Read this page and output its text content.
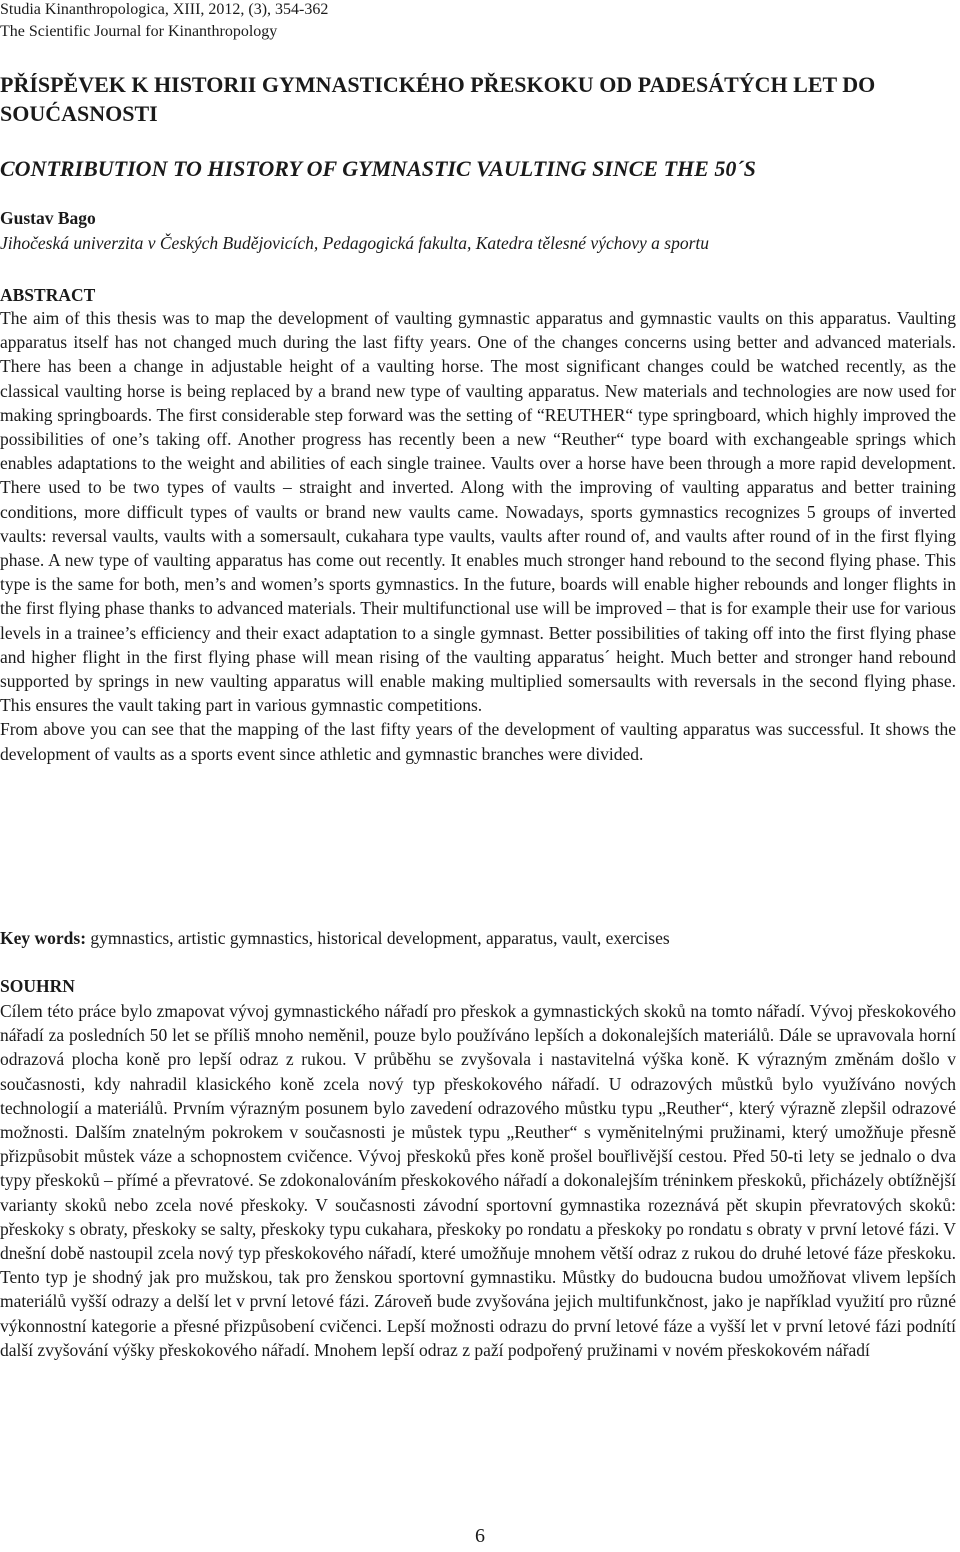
Studia Kinanthropologica, XIII, 2012, (3), 354-362
The Scientific Journal for Kinanthropology
PŘÍSPĚVEK K HISTORII GYMNASTICKÉHO PŘESKOKU OD PADESÁTÝCH LET DO SOUĆASNOSTI
CONTRIBUTION TO HISTORY OF GYMNASTIC VAULTING SINCE THE 50´S
Gustav Bago
Jihočeská univerzita v Českých Budějovicích, Pedagogická fakulta, Katedra tělesné výchovy a sportu
ABSTRACT

The aim of this thesis was to map the development of vaulting gymnastic apparatus and gymnastic vaults on this apparatus. Vaulting apparatus itself has not changed much during the last fifty years. One of the changes concerns using better and advanced materials. There has been a change in adjustable height of a vaulting horse. The most significant changes could be watched recently, as the classical vaulting horse is being replaced by a brand new type of vaulting apparatus. New materials and technologies are now used for making springboards. The first considerable step forward was the setting of “REUTHER“ type springboard, which highly improved the possibilities of one’s taking off. Another progress has recently been a new “Reuther“ type board with exchangeable springs which enables adaptations to the weight and abilities of each single trainee. Vaults over a horse have been through a more rapid development. There used to be two types of vaults – straight and inverted. Along with the improving of vaulting apparatus and better training conditions, more difficult types of vaults or brand new vaults came. Nowadays, sports gymnastics recognizes 5 groups of inverted vaults: reversal vaults, vaults with a somersault, cukahara type vaults, vaults after round of, and vaults after round of in the first flying phase. A new type of vaulting apparatus has come out recently. It enables much stronger hand rebound to the second flying phase. This type is the same for both, men’s and women’s sports gymnastics. In the future, boards will enable higher rebounds and longer flights in the first flying phase thanks to advanced materials. Their multifunctional use will be improved – that is for example their use for various levels in a trainee’s efficiency and their exact adaptation to a single gymnast. Better possibilities of taking off into the first flying phase and higher flight in the first flying phase will mean rising of the vaulting apparatus´ height. Much better and stronger hand rebound supported by springs in new vaulting apparatus will enable making multiplied somersaults with reversals in the second flying phase. This ensures the vault taking part in various gymnastic competitions.

From above you can see that the mapping of the last fifty years of the development of vaulting apparatus was successful. It shows the development of vaults as a sports event since athletic and gymnastic branches were divided.

Key words: gymnastics, artistic gymnastics, historical development, apparatus, vault, exercises
SOUHRN

Cílem této práce bylo zmapovat vývoj gymnastického nářadí pro přeskok a gymnastických skoků na tomto nářadí. Vývoj přeskokového nářadí za posledních 50 let se příliš mnoho neměnil, pouze bylo používáno lepších a dokonalejších materiálů. Dále se upravovala horní odrazová plocha koně pro lepší odraz z rukou. V průběhu se zvyšovala i nastavitelná výška koně. K výrazným změnám došlo v současnosti, kdy nahradil klasického koně zcela nový typ přeskokového nářadí. U odrazových můstků bylo využíváno nových technologií a materiálů. Prvním výrazným posunem bylo zavedení odrazového můstku typu „Reuther“, který výrazně zlepšil odrazové možnosti. Dalším znatelným pokrokem v současnosti je můstek typu „Reuther“ s vyměnitelnými pružinami, který umožňuje přesně přizpůsobit můstek váze a schopnostem cvičence. Vývoj přeskoků přes koně prošel bouřlivější cestou. Před 50-ti lety se jednalo o dva typy přeskoků – přímé a převratové. Se zdokonalováním přeskokového nářadí a dokonalejším tréninkem přeskoků, přicházely obtížnější varianty skoků nebo zcela nové přeskoky. V současnosti závodní sportovní gymnastika rozeznává pět skupin převratových skoků: přeskoky s obraty, přeskoky se salty, přeskoky typu cukahara, přeskoky po rondatu a přeskoky po rondatu s obraty v první letové fázi. V dnešní době nastoupil zcela nový typ přeskokového nářadí, které umožňuje mnohem větší odraz z rukou do druhé letové fáze přeskoku. Tento typ je shodný jak pro mužskou, tak pro ženskou sportovní gymnastiku. Můstky do budoucna budou umožňovat vlivem lepších materiálů vyšší odrazy a delší let v první letové fázi. Zároveň bude zvyšována jejich multifunkčnost, jako je například využití pro různé výkonnostní kategorie a přesné přizpůsobení cvičenci. Lepší možnosti odrazu do první letové fáze a vyšší let v první letové fázi podnítí další zvyšování výšky přeskokového nářadí. Mnohem lepší odraz z paží podpořený pružinami v novém přeskokovém nářadí

6
